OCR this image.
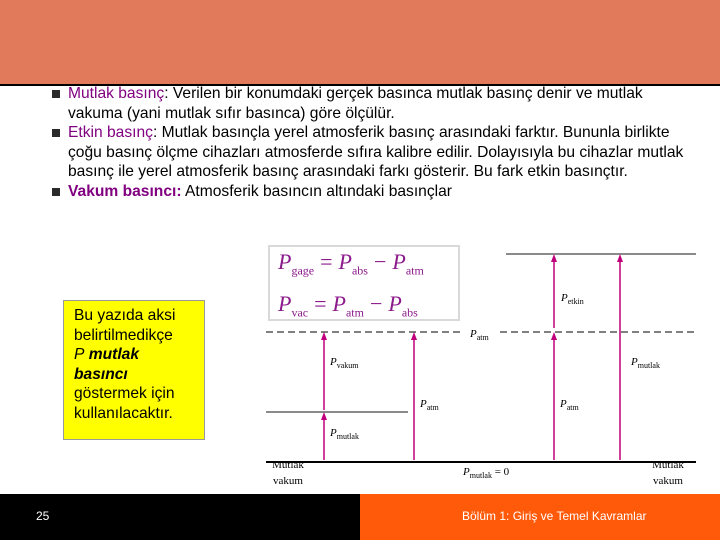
Mutlak basınç: Verilen bir konumdaki gerçek basınca mutlak basınç denir ve mutlak vakuma (yani mutlak sıfır basınca) göre ölçülür.
Etkin basınç: Mutlak basınçla yerel atmosferik basınç arasındaki farktır. Bununla birlikte çoğu basınç ölçme cihazları atmosferde sıfıra kalibre edilir. Dolayısıyla bu cihazlar mutlak basınç ile yerel atmosferik basınç arasındaki farkı gösterir. Bu fark etkin basınçtır.
Vakum basıncı: Atmosferik basıncın altındaki basınçlar
$P_{etkin}$
$P_{atm}$
$P_{vakum}$	$P_{mutlak}$
$P_{atm}$	$P_{atm}$
$P_{mutlak}$
$P_{mutlak} = 0$
Mutlak
vakum
Mutlak
vakum
$P_{gage} = P_{abs} - P_{atm}$
$P_{vac} = P_{atm} - P_{abs}$
Bu yazıda aksi
belirtilmedikçe
P mutlak
basıncı
göstermek için
kullanılacaktır.
25	Bölüm 1: Giriş ve Temel Kavramlar
